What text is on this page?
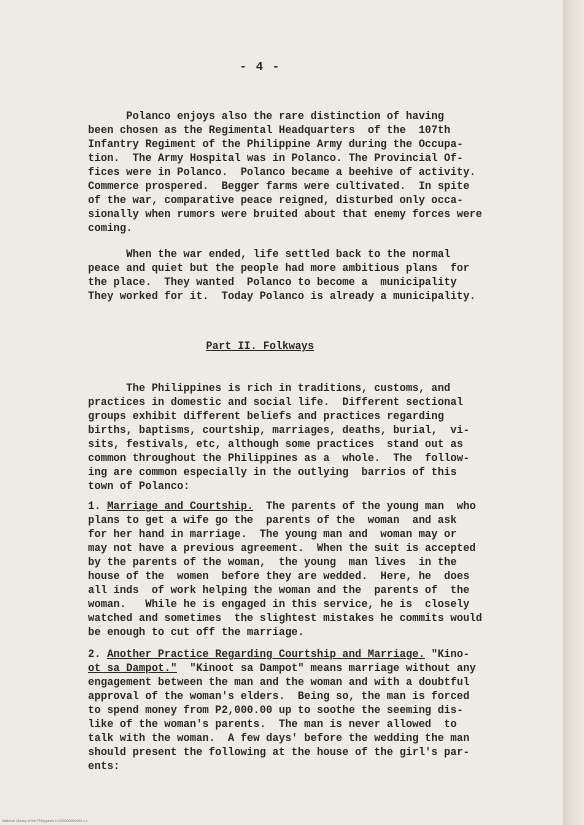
- 4 -
Polanco enjoys also the rare distinction of having
been chosen as the Regimental Headquarters  of the  107th
Infantry Regiment of the Philippine Army during the Occupa-
tion.  The Army Hospital was in Polanco. The Provincial Of-
fices were in Polanco.  Polanco became a beehive of activity.
Commerce prospered.  Begger farms were cultivated.  In spite
of the war, comparative peace reigned, disturbed only occa-
sionally when rumors were bruited about that enemy forces were
coming.
When the war ended, life settled back to the normal
peace and quiet but the people had more ambitious plans  for
the place.  They wanted  Polanco to become a  municipality
They worked for it.  Today Polanco is already a municipality.
Part II. Folkways
The Philippines is rich in traditions, customs, and
practices in domestic and social life.  Different sectional
groups exhibit different beliefs and practices regarding
births, baptisms, courtship, marriages, deaths, burial,  vi-
sits, festivals, etc, although some practices  stand out as
common throughout the Philippines as a  whole.  The  follow-
ing are common especially in the outlying  barrios of this
town of Polanco:
1. Marriage and Courtship.  The parents of the young man  who
plans to get a wife go the  parents of the  woman  and ask
for her hand in marriage.  The young man and  woman may or
may not have a previous agreement.  When the suit is accepted
by the parents of the woman,  the young  man lives  in the
house of the  women  before they are wedded.  Here, he  does
all inds  of work helping the woman and the  parents of  the
woman.   While he is engaged in this service, he is  closely
watched and sometimes  the slightest mistakes he commits would
be enough to cut off the marriage.
2. Another Practice Regarding Courtship and Marriage. "Kino-
ot sa Dampot."  "Kinoot sa Dampot" means marriage without any
engagement between the man and the woman and with a doubtful
approval of the woman's elders.  Being so, the man is forced
to spend money from P2,000.00 up to soothe the seeming dis-
like of the woman's parents.  The man is never allowed  to
talk with the woman.  A few days' before the wedding the man
should present the following at the house of the girl's par-
ents:
National Library of the Philippines H-000000000000 x.x
